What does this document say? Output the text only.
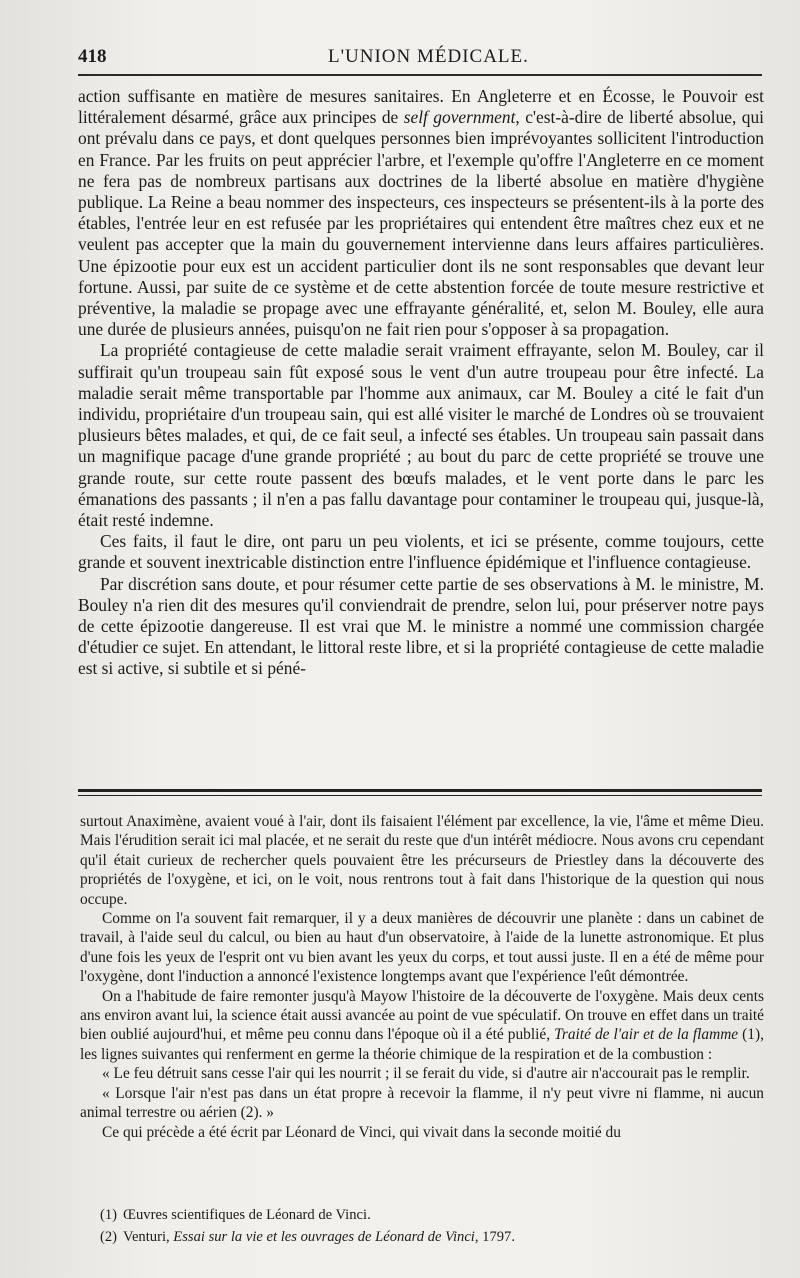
418	L'UNION MÉDICALE.

action suffisante en matière de mesures sanitaires. En Angleterre et en Écosse, le Pouvoir est littéralement désarmé, grâce aux principes de self government, c'est-à-dire de liberté absolue, qui ont prévalu dans ce pays, et dont quelques personnes bien imprévoyantes sollicitent l'introduction en France. Par les fruits on peut apprécier l'arbre, et l'exemple qu'offre l'Angleterre en ce moment ne fera pas de nombreux partisans aux doctrines de la liberté absolue en matière d'hygiène publique. La Reine a beau nommer des inspecteurs, ces inspecteurs se présentent-ils à la porte des étables, l'entrée leur en est refusée par les propriétaires qui entendent être maîtres chez eux et ne veulent pas accepter que la main du gouvernement intervienne dans leurs affaires particulières. Une épizootie pour eux est un accident particulier dont ils ne sont responsables que devant leur fortune. Aussi, par suite de ce système et de cette abstention forcée de toute mesure restrictive et préventive, la maladie se propage avec une effrayante généralité, et, selon M. Bouley, elle aura une durée de plusieurs années, puisqu'on ne fait rien pour s'opposer à sa propagation.

La propriété contagieuse de cette maladie serait vraiment effrayante, selon M. Bouley, car il suffirait qu'un troupeau sain fût exposé sous le vent d'un autre troupeau pour être infecté. La maladie serait même transportable par l'homme aux animaux, car M. Bouley a cité le fait d'un individu, propriétaire d'un troupeau sain, qui est allé visiter le marché de Londres où se trouvaient plusieurs bêtes malades, et qui, de ce fait seul, a infecté ses étables. Un troupeau sain passait dans un magnifique pacage d'une grande propriété ; au bout du parc de cette propriété se trouve une grande route, sur cette route passent des bœufs malades, et le vent porte dans le parc les émanations des passants ; il n'en a pas fallu davantage pour contaminer le troupeau qui, jusque-là, était resté indemne.

Ces faits, il faut le dire, ont paru un peu violents, et ici se présente, comme toujours, cette grande et souvent inextricable distinction entre l'influence épidémique et l'influence contagieuse.

Par discrétion sans doute, et pour résumer cette partie de ses observations à M. le ministre, M. Bouley n'a rien dit des mesures qu'il conviendrait de prendre, selon lui, pour préserver notre pays de cette épizootie dangereuse. Il est vrai que M. le ministre a nommé une commission chargée d'étudier ce sujet. En attendant, le littoral reste libre, et si la propriété contagieuse de cette maladie est si active, si subtile et si péné-

surtout Anaximène, avaient voué à l'air, dont ils faisaient l'élément par excellence, la vie, l'âme et même Dieu. Mais l'érudition serait ici mal placée, et ne serait du reste que d'un intérêt médiocre. Nous avons cru cependant qu'il était curieux de rechercher quels pouvaient être les précurseurs de Priestley dans la découverte des propriétés de l'oxygène, et ici, on le voit, nous rentrons tout à fait dans l'historique de la question qui nous occupe.

Comme on l'a souvent fait remarquer, il y a deux manières de découvrir une planète : dans un cabinet de travail, à l'aide seul du calcul, ou bien au haut d'un observatoire, à l'aide de la lunette astronomique. Et plus d'une fois les yeux de l'esprit ont vu bien avant les yeux du corps, et tout aussi juste. Il en a été de même pour l'oxygène, dont l'induction a annoncé l'existence longtemps avant que l'expérience l'eût démontrée.

On a l'habitude de faire remonter jusqu'à Mayow l'histoire de la découverte de l'oxygène. Mais deux cents ans environ avant lui, la science était aussi avancée au point de vue spéculatif. On trouve en effet dans un traité bien oublié aujourd'hui, et même peu connu dans l'époque où il a été publié, Traité de l'air et de la flamme (1), les lignes suivantes qui renferment en germe la théorie chimique de la respiration et de la combustion :

« Le feu détruit sans cesse l'air qui les nourrit ; il se ferait du vide, si d'autre air n'accourait pas le remplir.

« Lorsque l'air n'est pas dans un état propre à recevoir la flamme, il n'y peut vivre ni flamme, ni aucun animal terrestre ou aérien (2). »

Ce qui précède a été écrit par Léonard de Vinci, qui vivait dans la seconde moitié du

(1) Œuvres scientifiques de Léonard de Vinci.
(2) Venturi, Essai sur la vie et les ouvrages de Léonard de Vinci, 1797.
